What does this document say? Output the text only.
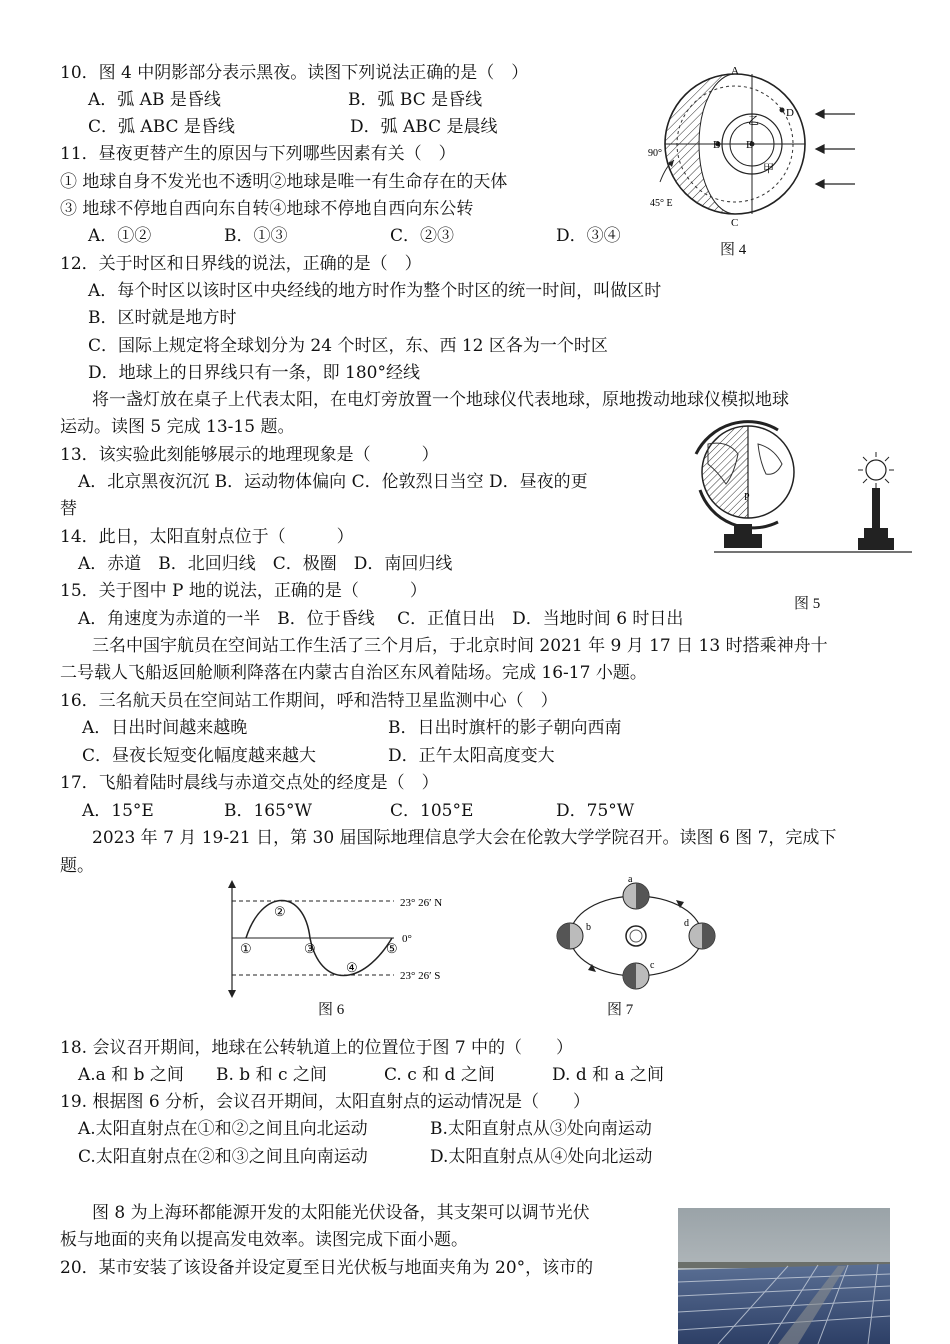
10．图 4 中阴影部分表示黑夜。读图下列说法正确的是（　）
A．弧 AB 是昏线	B．弧 BC 是昏线
C．弧 ABC 是昏线	D．弧 ABC 是晨线
11．昼夜更替产生的原因与下列哪些因素有关（　）
① 地球自身不发光也不透明②地球是唯一有生命存在的天体
③ 地球不停地自西向东自转④地球不停地自西向东公转
A．①②	B．①③	C．②③	D．③④
A
B
C
D
E
乙
甲
90°
45° E
图 4
12．关于时区和日界线的说法，正确的是（　）
A．每个时区以该时区中央经线的地方时作为整个时区的统一时间，叫做区时
B．区时就是地方时
C．国际上规定将全球划分为 24 个时区，东、西 12 区各为一个时区
D．地球上的日界线只有一条，即 180°经线
将一盏灯放在桌子上代表太阳，在电灯旁放置一个地球仪代表地球，原地拨动地球仪模拟地球
运动。读图 5 完成 13-15 题。
13．该实验此刻能够展示的地理现象是（　　　）
A．北京黑夜沉沉 B．运动物体偏向 C．伦敦烈日当空 D．昼夜的更
替
14．此日，太阳直射点位于（　　　）
A．赤道　B．北回归线　C．极圈　D．南回归线
15．关于图中 P 地的说法，正确的是（　　　）
A．角速度为赤道的一半　B．位于昏线　 C．正值日出　D．当地时间 6 时日出
P
图 5
三名中国宇航员在空间站工作生活了三个月后，于北京时间 2021 年 9 月 17 日 13 时搭乘神舟十
二号载人飞船返回舱顺利降落在内蒙古自治区东风着陆场。完成 16-17 小题。
16．三名航天员在空间站工作期间，呼和浩特卫星监测中心（　）
A．日出时间越来越晚	B．日出时旗杆的影子朝向西南
C．昼夜长短变化幅度越来越大	D．正午太阳高度变大
17．飞船着陆时晨线与赤道交点处的经度是（　）
A．15°E	B．165°W	C．105°E	D．75°W
2023 年 7 月 19-21 日，第 30 届国际地理信息学大会在伦敦大学学院召开。读图 6 图 7，完成下
题。
23° 26′ N
0°
23° 26′ S
①
②
③
④
⑤
图 6
a
b
c
d
图 7
18. 会议召开期间，地球在公转轨道上的位置位于图 7 中的（　　）
A.a 和 b 之间 B. b 和 c 之间	C. c 和 d 之间	D. d 和 a 之间
19. 根据图 6 分析，会议召开期间，太阳直射点的运动情况是（　　）
A.太阳直射点在①和②之间且向北运动	B.太阳直射点从③处向南运动
C.太阳直射点在②和③之间且向南运动	D.太阳直射点从④处向北运动
图 8 为上海环都能源开发的太阳能光伏设备，其支架可以调节光伏
板与地面的夹角以提高发电效率。读图完成下面小题。
20．某市安装了该设备并设定夏至日光伏板与地面夹角为 20°，该市的
